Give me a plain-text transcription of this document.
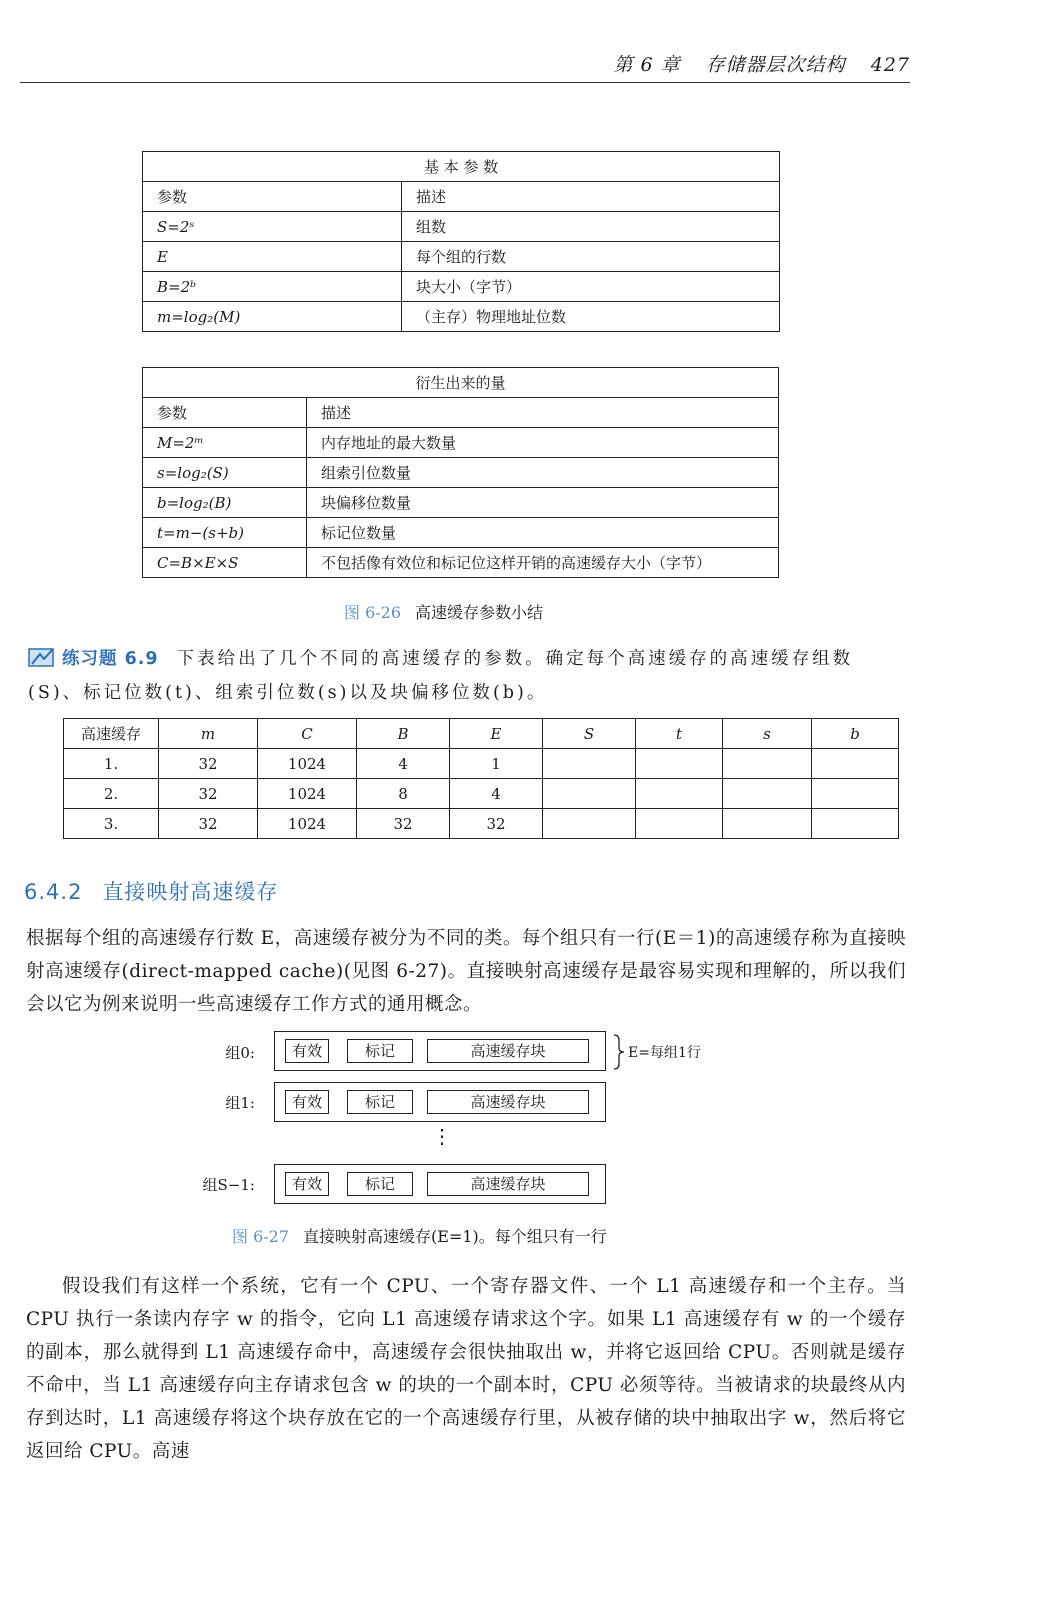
第 6 章 存储器层次结构 427
基 本 参 数	
参数	描述
S=2ˢ	组数
E	每个组的行数
B=2ᵇ	块大小（字节）
m=log₂(M)	（主存）物理地址位数
衍生出来的量	
参数	描述
M=2ᵐ	内存地址的最大数量
s=log₂(S)	组索引位数量
b=log₂(B)	块偏移位数量
t=m−(s+b)	标记位数量
C=B×E×S	不包括像有效位和标记位这样开销的高速缓存大小（字节）
图 6-26 高速缓存参数小结
练习题 6.9 下表给出了几个不同的高速缓存的参数。确定每个高速缓存的高速缓存组数(S)、标记位数(t)、组索引位数(s)以及块偏移位数(b)。
高速缓存	m	C	B	E	S	t	s	b
1.	32	1024	4	1				
2.	32	1024	8	4				
3.	32	1024	32	32				
6.4.2 直接映射高速缓存
根据每个组的高速缓存行数 E，高速缓存被分为不同的类。每个组只有一行(E＝1)的高速缓存称为直接映射高速缓存(direct-mapped cache)(见图 6-27)。直接映射高速缓存是最容易实现和理解的，所以我们会以它为例来说明一些高速缓存工作方式的通用概念。
组0:	有效	标记	高速缓存块	E=每组1行
组1:	有效	标记	高速缓存块
⋮
组S−1:	有效	标记	高速缓存块
图 6-27 直接映射高速缓存(E=1)。每个组只有一行
假设我们有这样一个系统，它有一个 CPU、一个寄存器文件、一个 L1 高速缓存和一个主存。当 CPU 执行一条读内存字 w 的指令，它向 L1 高速缓存请求这个字。如果 L1 高速缓存有 w 的一个缓存的副本，那么就得到 L1 高速缓存命中，高速缓存会很快抽取出 w，并将它返回给 CPU。否则就是缓存不命中，当 L1 高速缓存向主存请求包含 w 的块的一个副本时，CPU 必须等待。当被请求的块最终从内存到达时，L1 高速缓存将这个块存放在它的一个高速缓存行里，从被存储的块中抽取出字 w，然后将它返回给 CPU。高速
